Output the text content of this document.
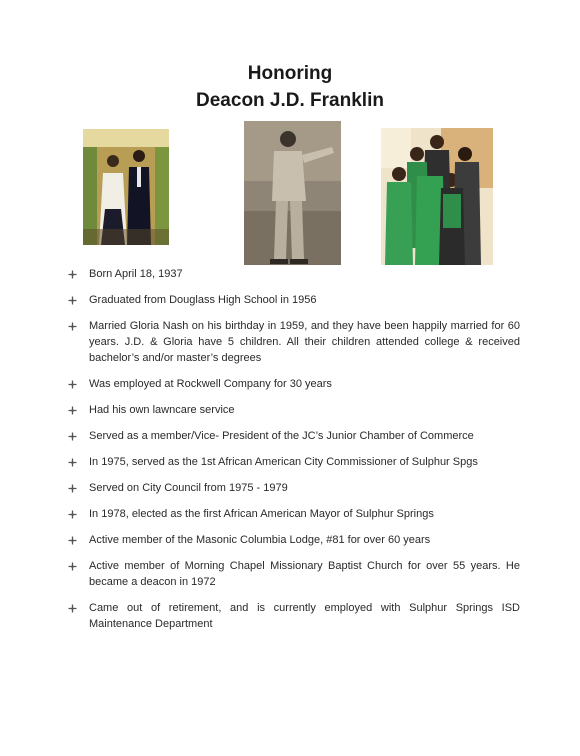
Honoring
Deacon J.D. Franklin
Born April 18, 1937
Graduated from Douglass High School in 1956
Married Gloria Nash on his birthday in 1959, and they have been happily married for 60 years. J.D. & Gloria have 5 children. All their children attended college & received bachelor’s and/or master’s degrees
Was employed at Rockwell Company for 30 years
Had his own lawncare service
Served as a member/Vice- President of the JC’s Junior Chamber of Commerce
In 1975, served as the 1st African American City Commissioner of Sulphur Spgs
Served on City Council from 1975 - 1979
In 1978, elected as the first African American Mayor of Sulphur Springs
Active member of the Masonic Columbia Lodge, #81 for over 60 years
Active member of Morning Chapel Missionary Baptist Church for over 55 years. He became a deacon in 1972
Came out of retirement, and is currently employed with Sulphur Springs ISD Maintenance Department
